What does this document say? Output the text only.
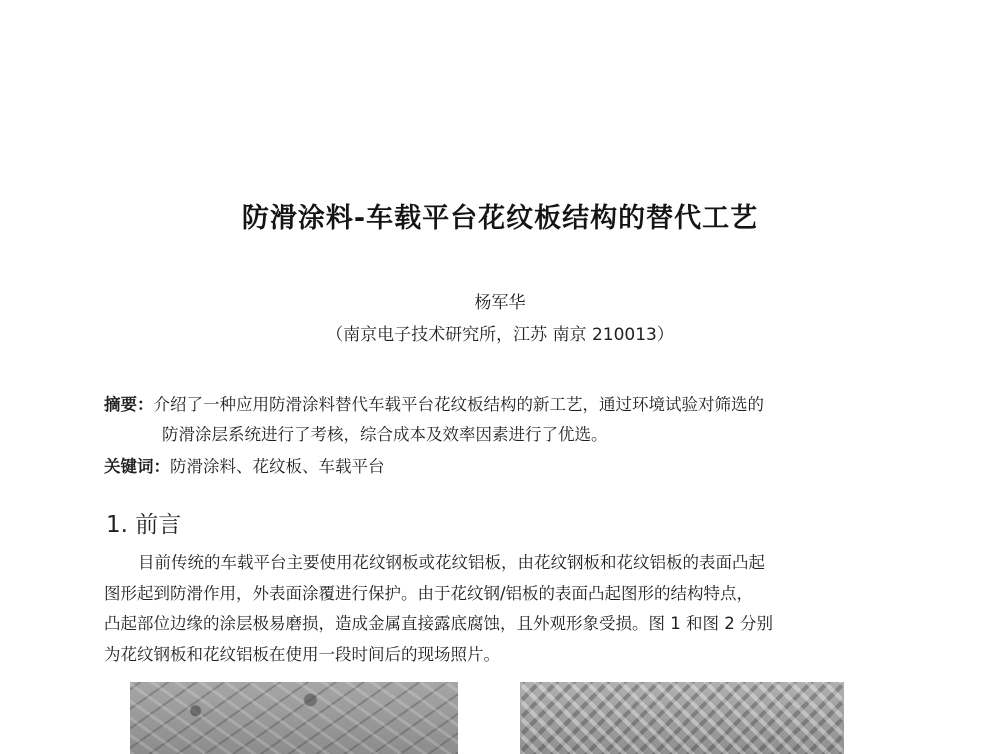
防滑涂料-车载平台花纹板结构的替代工艺
杨军华
（南京电子技术研究所，江苏 南京 210013）
摘要：介绍了一种应用防滑涂料替代车载平台花纹板结构的新工艺，通过环境试验对筛选的
防滑涂层系统进行了考核，综合成本及效率因素进行了优选。
关键词：防滑涂料、花纹板、车载平台
1. 前言

目前传统的车载平台主要使用花纹钢板或花纹铝板，由花纹钢板和花纹铝板的表面凸起

图形起到防滑作用，外表面涂覆进行保护。由于花纹钢/铝板的表面凸起图形的结构特点，

凸起部位边缘的涂层极易磨损，造成金属直接露底腐蚀，且外观形象受损。图 1 和图 2 分别

为花纹钢板和花纹铝板在使用一段时间后的现场照片。
